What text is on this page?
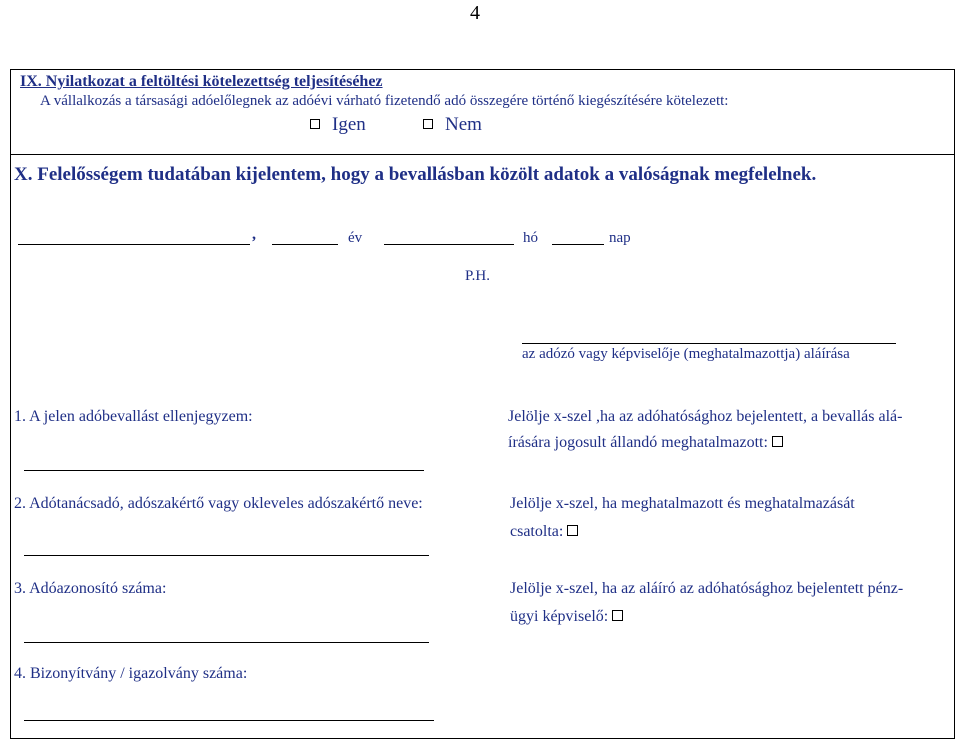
4
IX. Nyilatkozat a feltöltési kötelezettség teljesítéséhez
A vállalkozás a társasági adóelőlegnek az adóévi várható fizetendő adó összegére történő kiegészítésére kötelezett:
Igen	Nem
X. Felelősségem tudatában kijelentem, hogy a bevallásban közölt adatok a valóságnak megfelelnek.
,	év	hó	nap
P.H.
az adózó vagy képviselője (meghatalmazottja) aláírása
1. A jelen adóbevallást ellenjegyzem:	Jelölje x-szel ,ha az adóhatósághoz bejelentett, a bevallás alá-
írására jogosult állandó meghatalmazott:
2. Adótanácsadó, adószakértő vagy okleveles adószakértő neve:	Jelölje x-szel, ha meghatalmazott és meghatalmazását
csatolta:
3. Adóazonosító száma:	Jelölje x-szel, ha az aláíró az adóhatósághoz bejelentett pénz-
ügyi képviselő:
4. Bizonyítvány / igazolvány száma:
